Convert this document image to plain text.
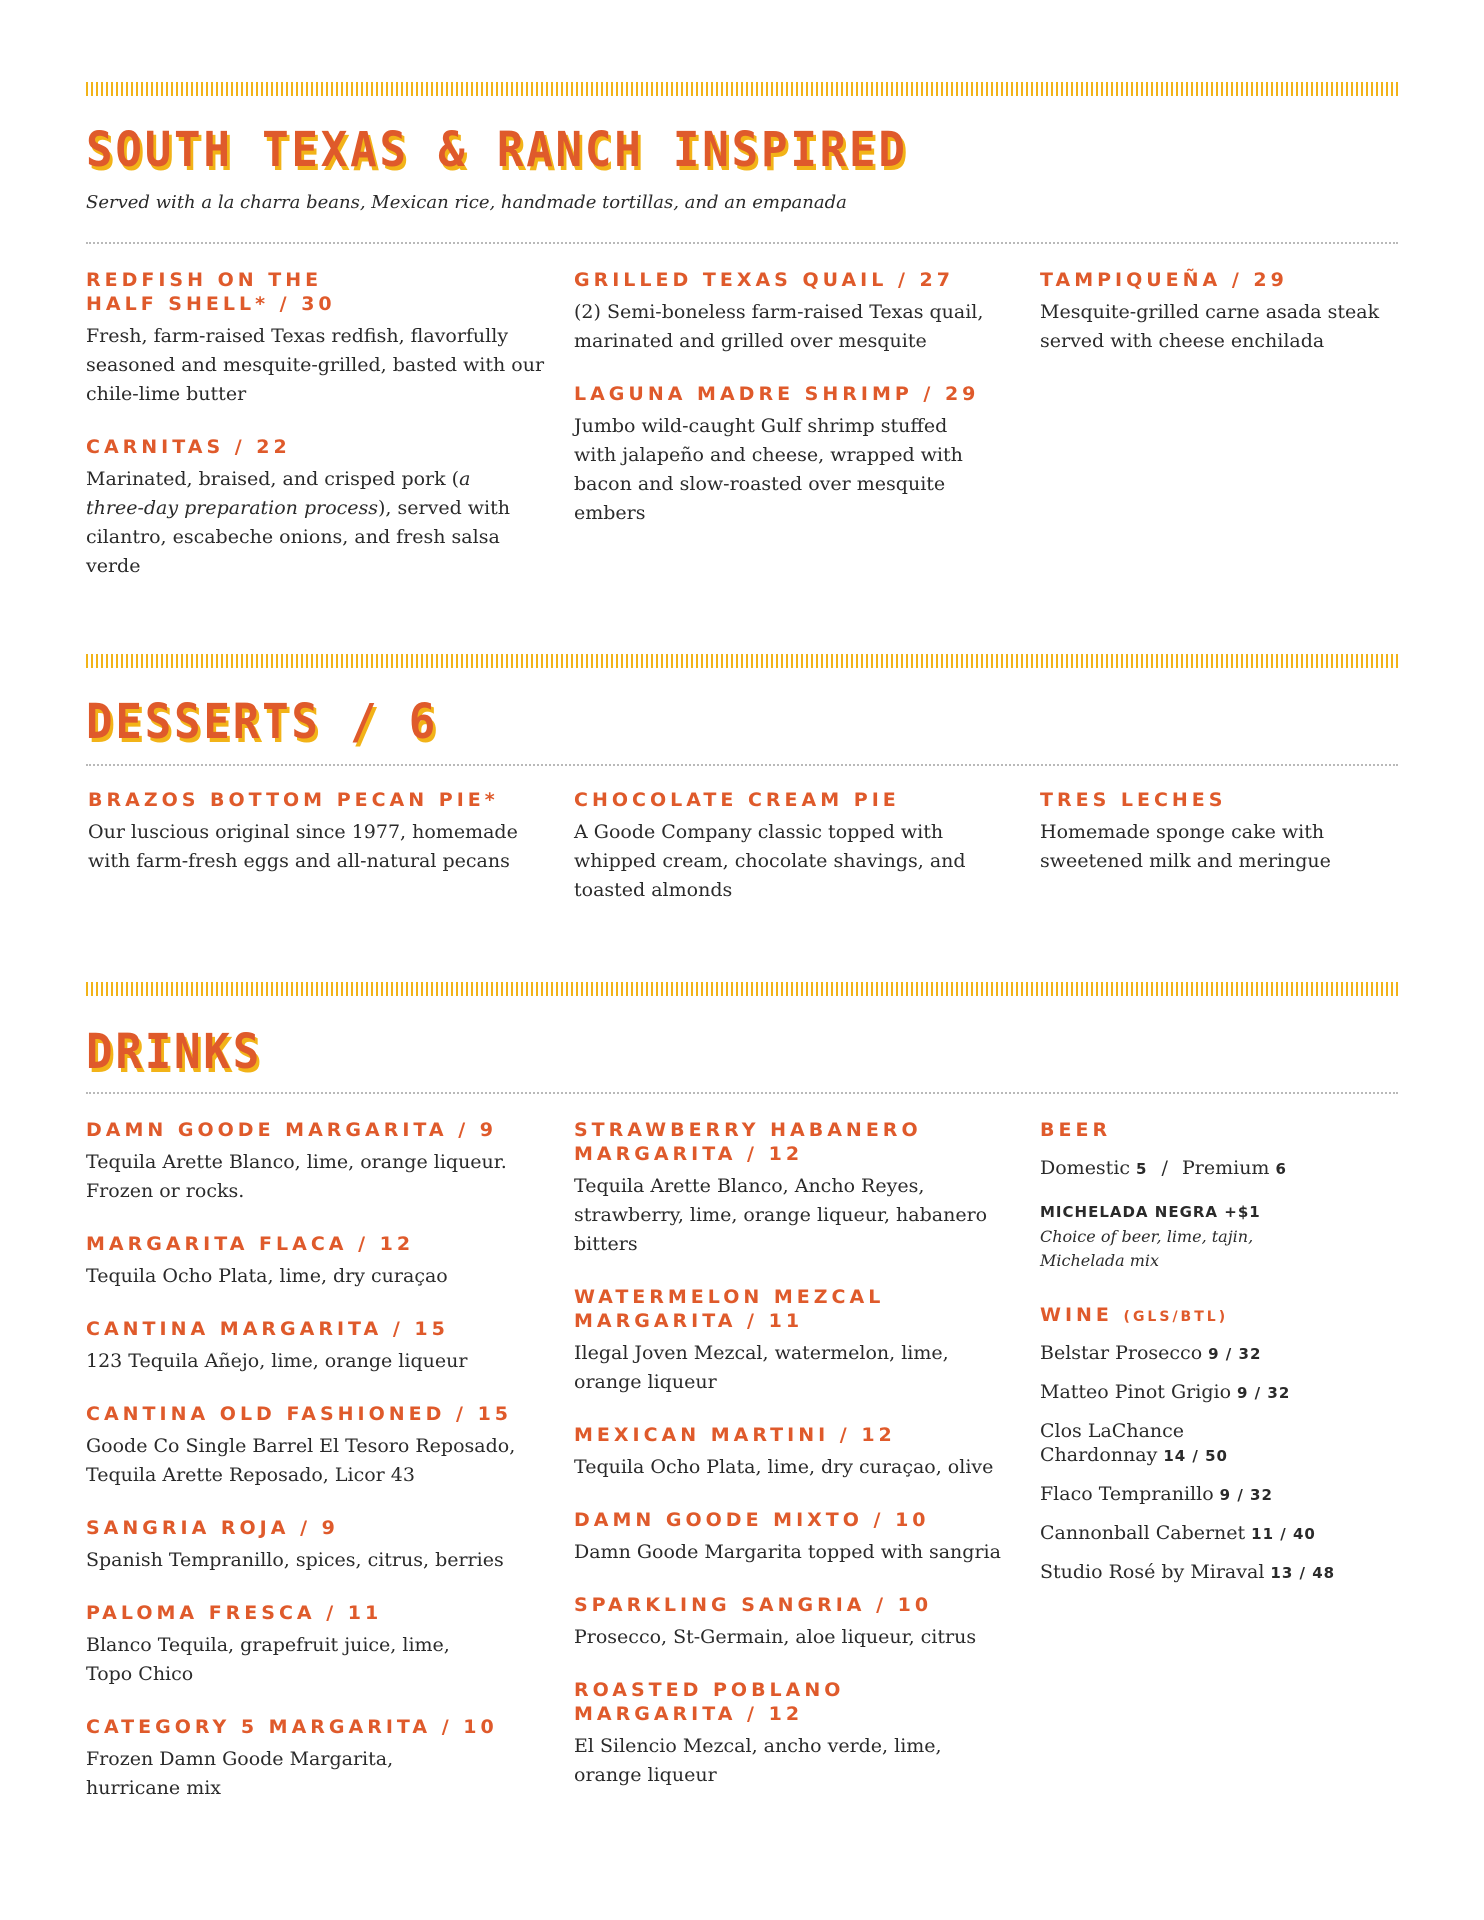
SOUTH TEXAS & RANCH INSPIRED

Served with a la charra beans, Mexican rice, handmade tortillas, and an empanada

REDFISH ON THE HALF SHELL* / 30
Fresh, farm-raised Texas redfish, flavorfully seasoned and mesquite-grilled, basted with our chile-lime butter
CARNITAS / 22
Marinated, braised, and crisped pork (a three-day preparation process), served with cilantro, escabeche onions, and fresh salsa verde
GRILLED TEXAS QUAIL / 27
(2) Semi-boneless farm-raised Texas quail, marinated and grilled over mesquite
LAGUNA MADRE SHRIMP / 29
Jumbo wild-caught Gulf shrimp stuffed with jalapeño and cheese, wrapped with bacon and slow-roasted over mesquite embers
TAMPIQUEÑA / 29
Mesquite-grilled carne asada steak served with cheese enchilada
DESSERTS / 6
BRAZOS BOTTOM PECAN PIE*
Our luscious original since 1977, homemade with farm-fresh eggs and all-natural pecans
CHOCOLATE CREAM PIE
A Goode Company classic topped with whipped cream, chocolate shavings, and toasted almonds
TRES LECHES
Homemade sponge cake with sweetened milk and meringue
DRINKS
DAMN GOODE MARGARITA / 9
Tequila Arette Blanco, lime, orange liqueur. Frozen or rocks.
MARGARITA FLACA / 12
Tequila Ocho Plata, lime, dry curaçao
CANTINA MARGARITA / 15
123 Tequila Añejo, lime, orange liqueur
CANTINA OLD FASHIONED / 15
Goode Co Single Barrel El Tesoro Reposado, Tequila Arette Reposado, Licor 43
SANGRIA ROJA / 9
Spanish Tempranillo, spices, citrus, berries
PALOMA FRESCA / 11
Blanco Tequila, grapefruit juice, lime, Topo Chico
CATEGORY 5 MARGARITA / 10
Frozen Damn Goode Margarita, hurricane mix
STRAWBERRY HABANERO MARGARITA / 12
Tequila Arette Blanco, Ancho Reyes, strawberry, lime, orange liqueur, habanero bitters
WATERMELON MEZCAL MARGARITA / 11
Ilegal Joven Mezcal, watermelon, lime, orange liqueur
MEXICAN MARTINI / 12
Tequila Ocho Plata, lime, dry curaçao, olive
DAMN GOODE MIXTO / 10
Damn Goode Margarita topped with sangria
SPARKLING SANGRIA / 10
Prosecco, St-Germain, aloe liqueur, citrus
ROASTED POBLANO MARGARITA / 12
El Silencio Mezcal, ancho verde, lime, orange liqueur
BEER
Domestic 5 / Premium 6
MICHELADA NEGRA +$1
Choice of beer, lime, tajin, Michelada mix
WINE (GLS/BTL)
Belstar Prosecco 9 / 32
Matteo Pinot Grigio 9 / 32
Clos LaChance Chardonnay 14 / 50
Flaco Tempranillo 9 / 32
Cannonball Cabernet 11 / 40
Studio Rosé by Miraval 13 / 48
